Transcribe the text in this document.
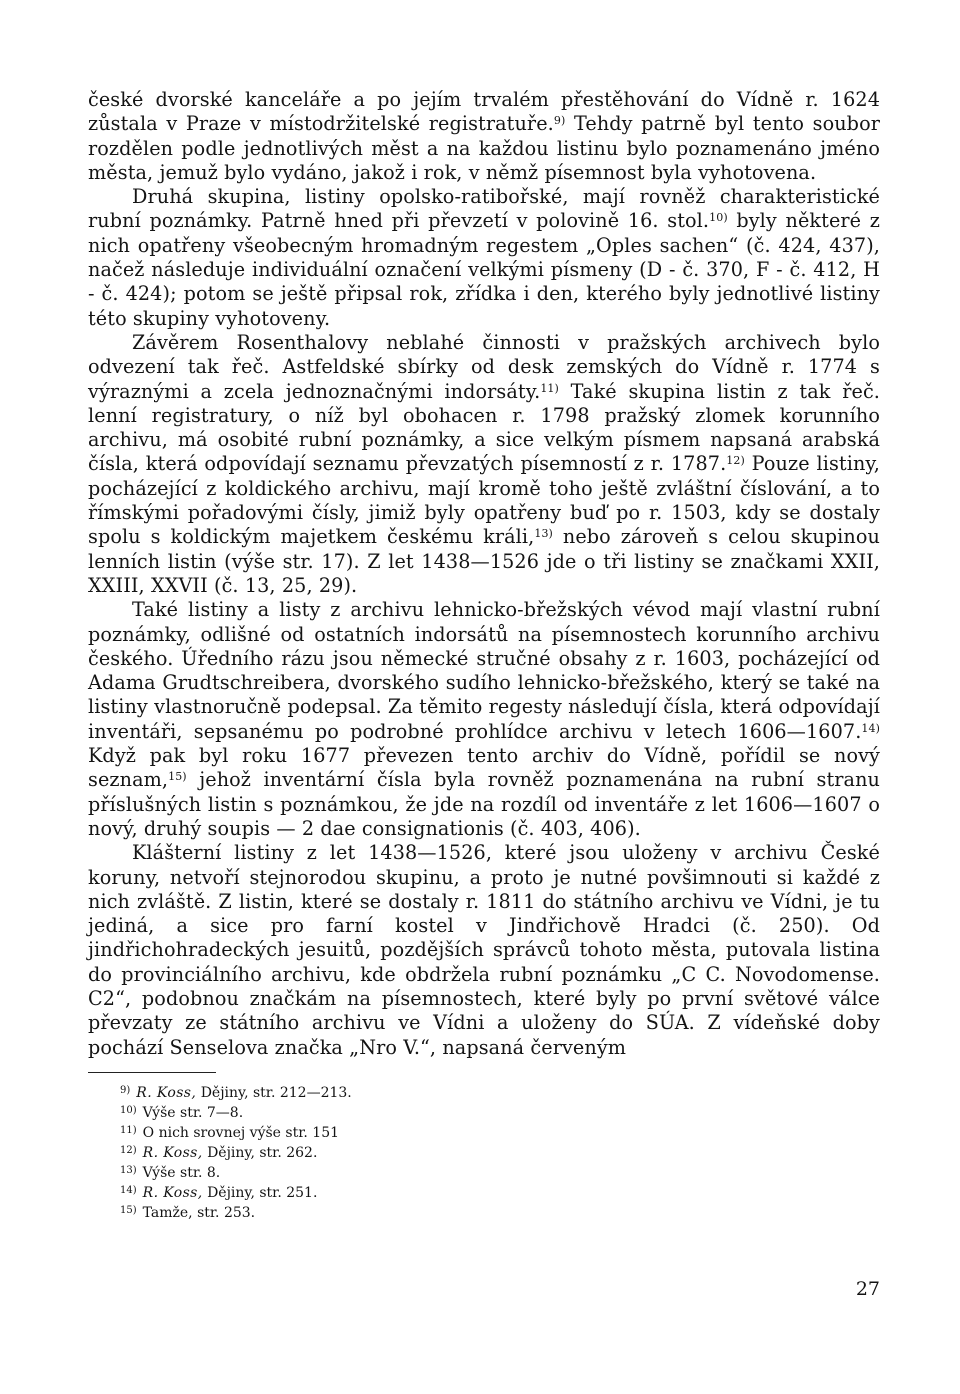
české dvorské kanceláře a po jejím trvalém přestěhování do Vídně r. 1624 zůstala v Praze v místodržitelské registratuře.$^{9)}$ Tehdy patrně byl tento soubor rozdělen podle jednotlivých měst a na každou listinu bylo poznamenáno jméno města, jemuž bylo vydáno, jakož i rok, v němž písemnost byla vyhotovena.

Druhá skupina, listiny opolsko-ratibořské, mají rovněž charakteristické rubní poznámky. Patrně hned při převzetí v polovině 16. stol.$^{10)}$ byly některé z nich opatřeny všeobecným hromadným regestem „Oples sachen“ (č. 424, 437), načež následuje individuální označení velkými písmeny (D - č. 370, F - č. 412, H - č. 424); potom se ještě připsal rok, zřídka i den, kterého byly jednotlivé listiny této skupiny vyhotoveny.

Závěrem Rosenthalovy neblahé činnosti v pražských archivech bylo odvezení tak řeč. Astfeldské sbírky od desk zemských do Vídně r. 1774 s výraznými a zcela jednoznačnými indorsáty.$^{11)}$ Také skupina listin z tak řeč. lenní registratury, o níž byl obohacen r. 1798 pražský zlomek korunního archivu, má osobité rubní poznámky, a sice velkým písmem napsaná arabská čísla, která odpovídají seznamu převzatých písemností z r. 1787.$^{12)}$ Pouze listiny, pocházející z koldického archivu, mají kromě toho ještě zvláštní číslování, a to římskými pořadovými čísly, jimiž byly opatřeny buď po r. 1503, kdy se dostaly spolu s koldickým majetkem českému králi,$^{13)}$ nebo zároveň s celou skupinou lenních listin (výše str. 17). Z let 1438—1526 jde o tři listiny se značkami XXII, XXIII, XXVII (č. 13, 25, 29).

Také listiny a listy z archivu lehnicko-břežských vévod mají vlastní rubní poznámky, odlišné od ostatních indorsátů na písemnostech korunního archivu českého. Úředního rázu jsou německé stručné obsahy z r. 1603, pocházející od Adama Grudtschreibera, dvorského sudího lehnicko-břežského, který se také na listiny vlastnoručně podepsal. Za těmito regesty následují čísla, která odpovídají inventáři, sepsanému po podrobné prohlídce archivu v letech 1606—1607.$^{14)}$ Když pak byl roku 1677 převezen tento archiv do Vídně, pořídil se nový seznam,$^{15)}$ jehož inventární čísla byla rovněž poznamenána na rubní stranu příslušných listin s poznámkou, že jde na rozdíl od inventáře z let 1606—1607 o nový, druhý soupis — 2 dae consignationis (č. 403, 406).

Klášterní listiny z let 1438—1526, které jsou uloženy v archivu České koruny, netvoří stejnorodou skupinu, a proto je nutné povšimnouti si každé z nich zvláště. Z listin, které se dostaly r. 1811 do státního archivu ve Vídni, je tu jediná, a sice pro farní kostel v Jindřichově Hradci (č. 250). Od jindřichohradeckých jesuitů, pozdějších správců tohoto města, putovala listina do provinciálního archivu, kde obdržela rubní poznámku „C C. Novodomense. C2“, podobnou značkám na písemnostech, které byly po první světové válce převzaty ze státního archivu ve Vídni a uloženy do SÚA. Z vídeňské doby pochází Senselova značka „Nro V.“, napsaná červeným

$^{9)}$ R. Koss, Dějiny, str. 212—213.
$^{10)}$ Výše str. 7—8.
$^{11)}$ O nich srovnej výše str. 151
$^{12)}$ R. Koss, Dějiny, str. 262.
$^{13)}$ Výše str. 8.
$^{14)}$ R. Koss, Dějiny, str. 251.
$^{15)}$ Tamže, str. 253.
27
